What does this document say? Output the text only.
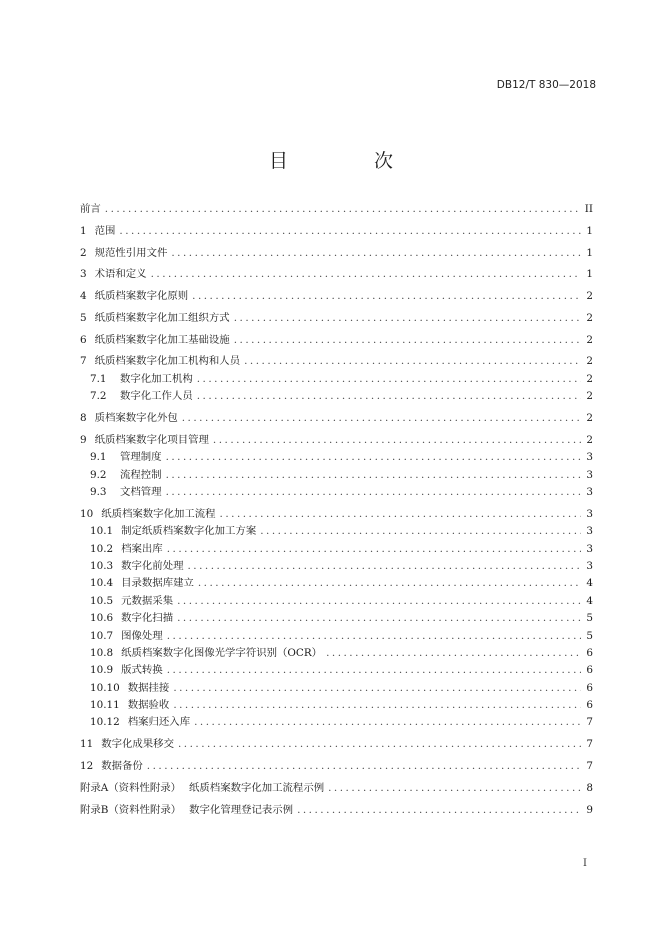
DB12/T 830—2018
目 次
前言 . . .	II
1 范围 . . .	1
2 规范性引用文件 . . .	1
3 术语和定义 . . .	1
4 纸质档案数字化原则 . . .	2
5 纸质档案数字化加工组织方式 . . .	2
6 纸质档案数字化加工基础设施 . . .	2
7 纸质档案数字化加工机构和人员 . . .	2
7.1	数字化加工机构 . . .	2
7.2	数字化工作人员 . . .	2
8 质档案数字化外包 . . .	2
9 纸质档案数字化项目管理 . . .	2
9.1	管理制度 . . .	3
9.2	流程控制 . . .	3
9.3	文档管理 . . .	3
10 纸质档案数字化加工流程 . . .	3
10.1 制定纸质档案数字化加工方案 . . .	3
10.2 档案出库 . . .	3
10.3 数字化前处理 . . .	3
10.4 目录数据库建立 . . .	4
10.5 元数据采集 . . .	4
10.6 数字化扫描 . . .	5
10.7 图像处理 . . .	5
10.8 纸质档案数字化图像光学字符识别（OCR） . . .	6
10.9 版式转换 . . .	6
10.10 数据挂接 . . .	6
10.11 数据验收 . . .	6
10.12 档案归还入库 . . .	7
11 数字化成果移交 . . .	7
12 数据备份 . . .	7
附录A（资料性附录） 纸质档案数字化加工流程示例 . . .	8
附录B（资料性附录） 数字化管理登记表示例 . . .	9
I
